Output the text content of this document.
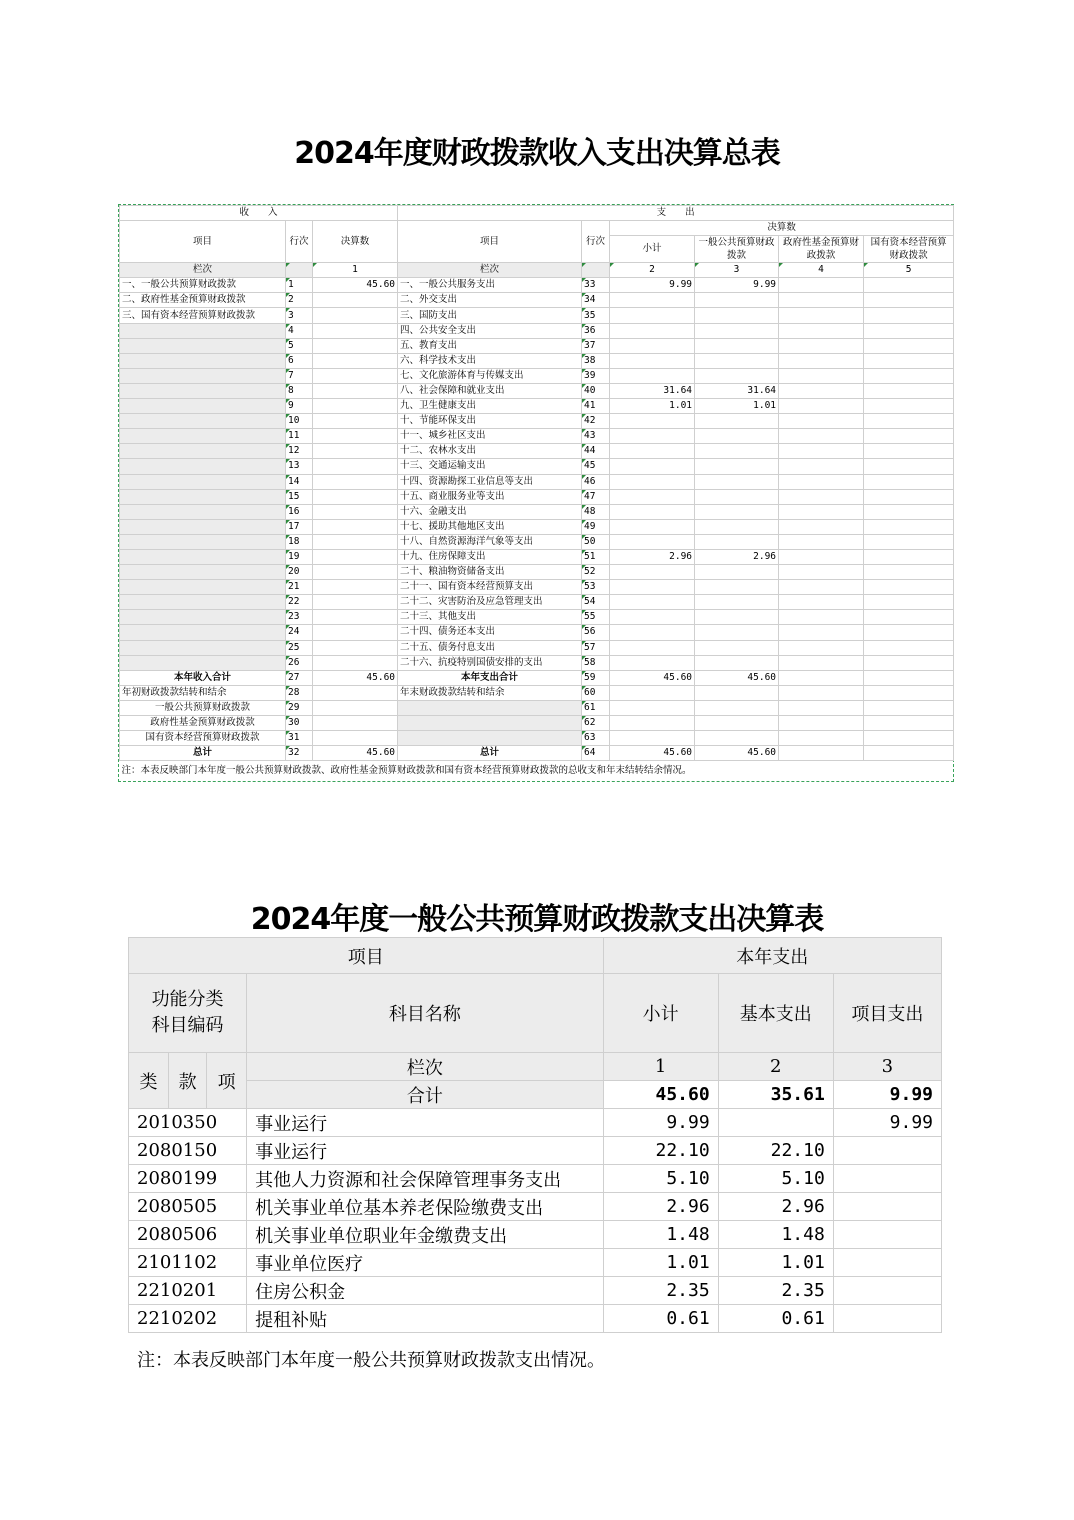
2024年度财政拨款收入支出决算总表
收　　入			支　　出					
项目	行次	决算数	项目	行次	决算数			
					小计	一般公共预算财政拨款	政府性基金预算财政拨款	国有资本经营预算财政拨款

栏次		1	栏次		2	3	4	5
一、一般公共预算财政拨款	1	45.60	一、一般公共服务支出	33	9.99	9.99		
二、政府性基金预算财政拨款	2		二、外交支出	34				
三、国有资本经营预算财政拨款	3		三、国防支出	35				
	4		四、公共安全支出	36				
	5		五、教育支出	37				
	6		六、科学技术支出	38				
	7		七、文化旅游体育与传媒支出	39				
	8		八、社会保障和就业支出	40	31.64	31.64		
	9		九、卫生健康支出	41	1.01	1.01		
	10		十、节能环保支出	42				
	11		十一、城乡社区支出	43				
	12		十二、农林水支出	44				
	13		十三、交通运输支出	45				
	14		十四、资源勘探工业信息等支出	46				
	15		十五、商业服务业等支出	47				
	16		十六、金融支出	48				
	17		十七、援助其他地区支出	49				
	18		十八、自然资源海洋气象等支出	50				
	19		十九、住房保障支出	51	2.96	2.96		
	20		二十、粮油物资储备支出	52				
	21		二十一、国有资本经营预算支出	53				
	22		二十二、灾害防治及应急管理支出	54				
	23		二十三、其他支出	55				
	24		二十四、债务还本支出	56				
	25		二十五、债务付息支出	57				
	26		二十六、抗疫特别国债安排的支出	58				
本年收入合计	27	45.60	本年支出合计	59	45.60	45.60		
年初财政拨款结转和结余	28		年末财政拨款结转和结余	60				
一般公共预算财政拨款	29			61				
政府性基金预算财政拨款	30			62				
国有资本经营预算财政拨款	31			63				
总计	32	45.60	总计	64	45.60	45.60		
注：本表反映部门本年度一般公共预算财政拨款、政府性基金预算财政拨款和国有资本经营预算财政拨款的总收支和年末结转结余情况。								
2024年度一般公共预算财政拨款支出决算表
项目				本年支出		
功能分类
科目编码			科目名称	小计	基本支出	项目支出
类	款	项	栏次	1	2	3
			合计	45.60	35.61	9.99
2010350			事业运行	9.99		9.99
2080150			事业运行	22.10	22.10	
2080199			其他人力资源和社会保障管理事务支出	5.10	5.10	
2080505			机关事业单位基本养老保险缴费支出	2.96	2.96	
2080506			机关事业单位职业年金缴费支出	1.48	1.48	
2101102			事业单位医疗	1.01	1.01	
2210201			住房公积金	2.35	2.35	
2210202			提租补贴	0.61	0.61	
注：本表反映部门本年度一般公共预算财政拨款支出情况。
